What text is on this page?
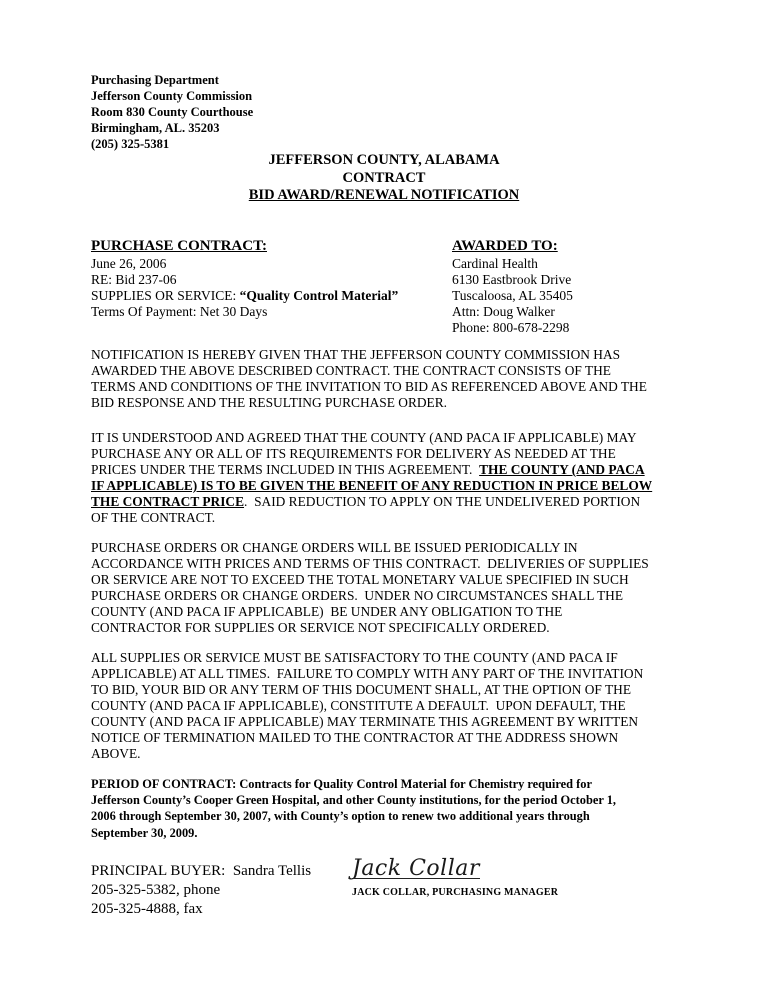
Purchasing Department
Jefferson County Commission
Room 830 County Courthouse
Birmingham, AL. 35203
(205) 325-5381
JEFFERSON COUNTY, ALABAMA
CONTRACT
BID AWARD/RENEWAL NOTIFICATION
PURCHASE CONTRACT:	AWARDED TO:
June 26, 2006
RE: Bid 237-06
SUPPLIES OR SERVICE: “Quality Control Material”
Terms Of Payment: Net 30 Days
Cardinal Health
6130 Eastbrook Drive
Tuscaloosa, AL 35405
Attn: Doug Walker
Phone: 800-678-2298
NOTIFICATION IS HEREBY GIVEN THAT THE JEFFERSON COUNTY COMMISSION HAS
AWARDED THE ABOVE DESCRIBED CONTRACT. THE CONTRACT CONSISTS OF THE
TERMS AND CONDITIONS OF THE INVITATION TO BID AS REFERENCED ABOVE AND THE
BID RESPONSE AND THE RESULTING PURCHASE ORDER.
IT IS UNDERSTOOD AND AGREED THAT THE COUNTY (AND PACA IF APPLICABLE) MAY
PURCHASE ANY OR ALL OF ITS REQUIREMENTS FOR DELIVERY AS NEEDED AT THE
PRICES UNDER THE TERMS INCLUDED IN THIS AGREEMENT.  THE COUNTY (AND PACA
IF APPLICABLE) IS TO BE GIVEN THE BENEFIT OF ANY REDUCTION IN PRICE BELOW
THE CONTRACT PRICE.  SAID REDUCTION TO APPLY ON THE UNDELIVERED PORTION
OF THE CONTRACT.
PURCHASE ORDERS OR CHANGE ORDERS WILL BE ISSUED PERIODICALLY IN
ACCORDANCE WITH PRICES AND TERMS OF THIS CONTRACT.  DELIVERIES OF SUPPLIES
OR SERVICE ARE NOT TO EXCEED THE TOTAL MONETARY VALUE SPECIFIED IN SUCH
PURCHASE ORDERS OR CHANGE ORDERS.  UNDER NO CIRCUMSTANCES SHALL THE
COUNTY (AND PACA IF APPLICABLE)  BE UNDER ANY OBLIGATION TO THE
CONTRACTOR FOR SUPPLIES OR SERVICE NOT SPECIFICALLY ORDERED.
ALL SUPPLIES OR SERVICE MUST BE SATISFACTORY TO THE COUNTY (AND PACA IF
APPLICABLE) AT ALL TIMES.  FAILURE TO COMPLY WITH ANY PART OF THE INVITATION
TO BID, YOUR BID OR ANY TERM OF THIS DOCUMENT SHALL, AT THE OPTION OF THE
COUNTY (AND PACA IF APPLICABLE), CONSTITUTE A DEFAULT.  UPON DEFAULT, THE
COUNTY (AND PACA IF APPLICABLE) MAY TERMINATE THIS AGREEMENT BY WRITTEN
NOTICE OF TERMINATION MAILED TO THE CONTRACTOR AT THE ADDRESS SHOWN
ABOVE.
PERIOD OF CONTRACT: Contracts for Quality Control Material for Chemistry required for
Jefferson County’s Cooper Green Hospital, and other County institutions, for the period October 1,
2006 through September 30, 2007, with County’s option to renew two additional years through
September 30, 2009.
PRINCIPAL BUYER:  Sandra Tellis
205-325-5382, phone
205-325-4888, fax
Jack Collar
JACK COLLAR, PURCHASING MANAGER
